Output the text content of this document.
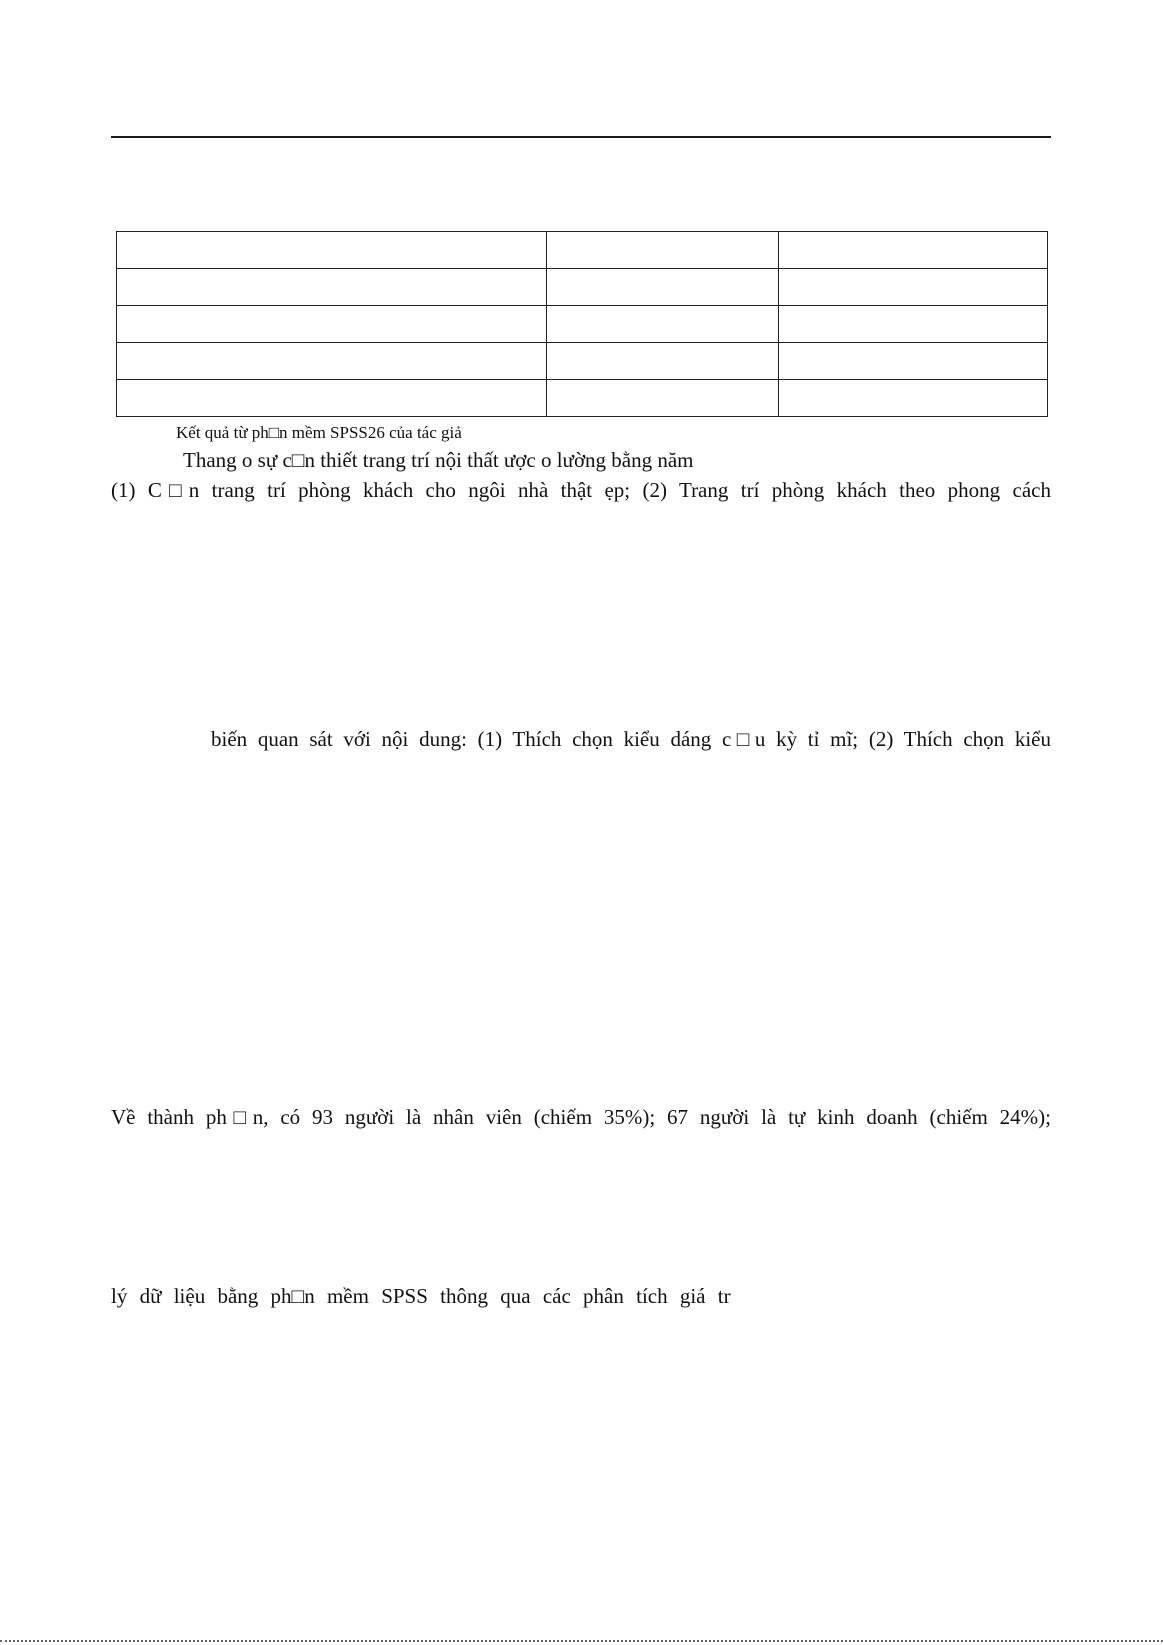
Kết quả từ ph□n mềm SPSS26 của tác giả
Thang o sự c□n thiết trang trí nội thất ược o lường bằng năm
(1) C□n trang trí phòng khách cho ngôi nhà thật ẹp; (2) Trang trí phòng khách theo phong cách
biến quan sát với nội dung: (1) Thích chọn kiểu dáng c□u kỳ tỉ mĩ; (2) Thích chọn kiểu
Về thành ph□n, có 93 người là nhân viên (chiếm 35%); 67 người là tự kinh doanh (chiếm 24%);
lý dữ liệu bằng ph□n mềm SPSS thông qua các phân tích giá tr
